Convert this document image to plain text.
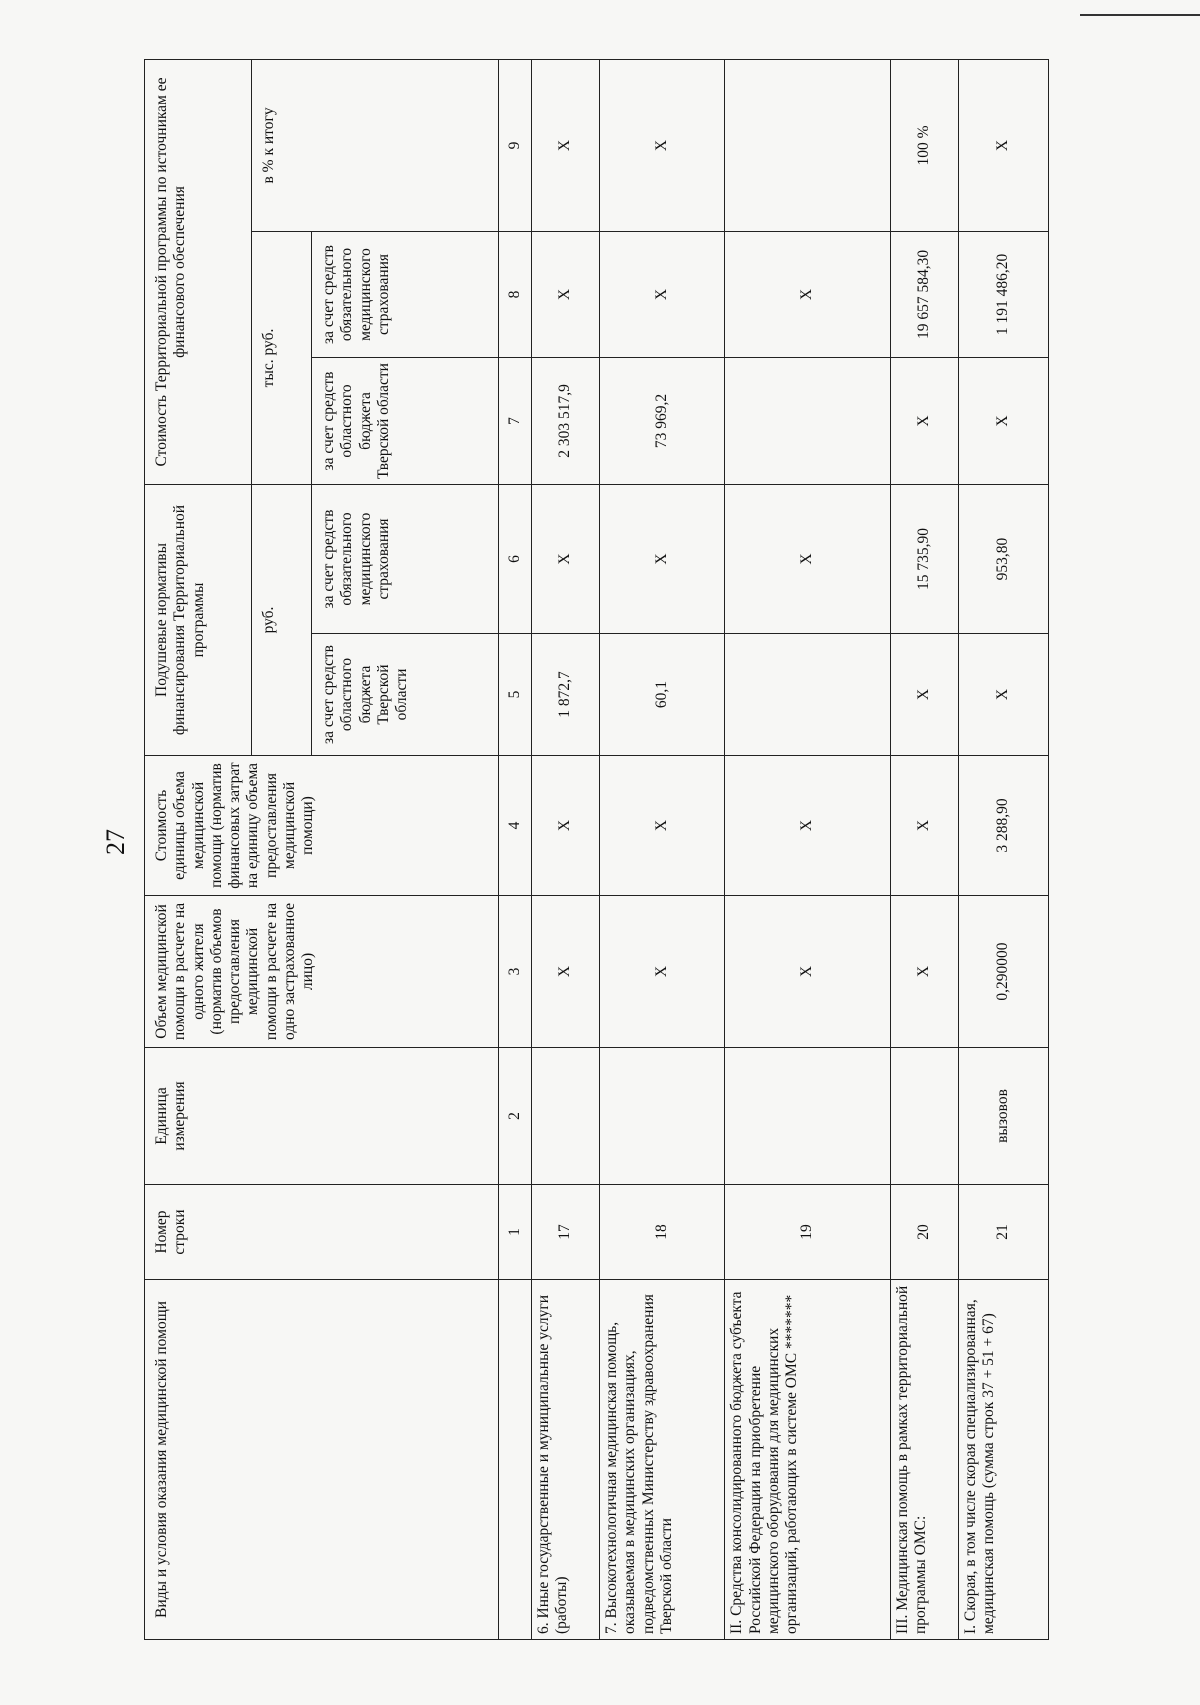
27
Виды и условия оказания медицинской помощи	Номер строки	Единица измерения	Объем медицинской помощи в расчете на одного жителя (норматив объемов предоставления медицинской помощи в расчете на одно застрахованное лицо)	Стоимость единицы объема медицинской помощи (норматив финансовых затрат на единицу объема предоставления медицинской помощи)	Подушевые нормативы финансирования Территориальной программы		Стоимость Территориальной программы по источникам ее финансового обеспечения		
					руб.		тыс. руб.		в % к итогу
					за счет средств областного бюджета Тверской области	за счет средств обязательного медицинского страхования	за счет средств областного бюджета Тверской области	за счет средств обязательного медицинского страхования	
	1	2	3	4	5	6	7	8	9
6. Иные государственные и муниципальные услуги (работы)	17		X	X	1 872,7	X	2 303 517,9	X	X
7. Высокотехнологичная медицинская помощь, оказываемая в медицинских организациях, подведомственных Министерству здравоохранения Тверской области	18		X	X	60,1	X	73 969,2	X	X
II. Средства консолидированного бюджета субъекта Российской Федерации на приобретение медицинского оборудования для медицинских организаций, работающих в системе ОМС *******	19		X	X		X		X	
III. Медицинская помощь в рамках территориальной программы ОМС:	20		X	X	X	15 735,90	X	19 657 584,30	100 %
I. Скорая, в том числе скорая специализированная, медицинская помощь (сумма строк 37 + 51 + 67)	21	вызовов	0,290000	3 288,90	X	953,80	X	1 191 486,20	X
